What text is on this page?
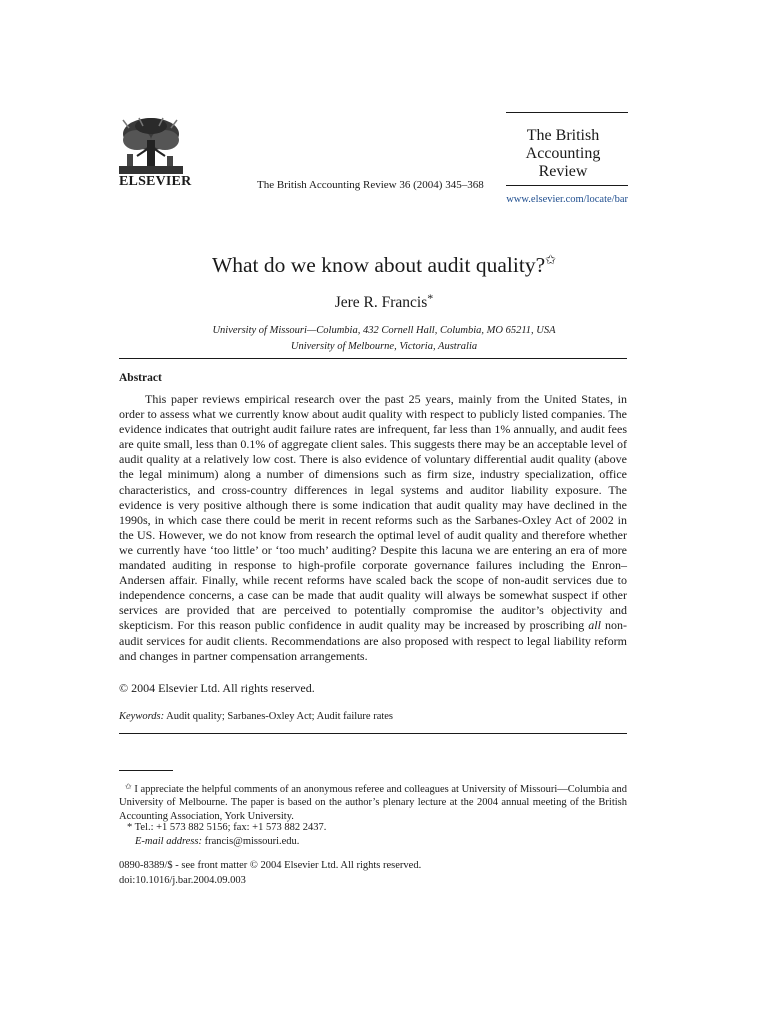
ELSEVIER	The British Accounting Review 36 (2004) 345–368
The British
Accounting
Review
www.elsevier.com/locate/bar
What do we know about audit quality?✩
Jere R. Francis*
University of Missouri—Columbia, 432 Cornell Hall, Columbia, MO 65211, USA
University of Melbourne, Victoria, Australia
Abstract

This paper reviews empirical research over the past 25 years, mainly from the United States, in order to assess what we currently know about audit quality with respect to publicly listed companies. The evidence indicates that outright audit failure rates are infrequent, far less than 1% annually, and audit fees are quite small, less than 0.1% of aggregate client sales. This suggests there may be an acceptable level of audit quality at a relatively low cost. There is also evidence of voluntary differential audit quality (above the legal minimum) along a number of dimensions such as firm size, industry specialization, office characteristics, and cross-country differences in legal systems and auditor liability exposure. The evidence is very positive although there is some indication that audit quality may have declined in the 1990s, in which case there could be merit in recent reforms such as the Sarbanes-Oxley Act of 2002 in the US. However, we do not know from research the optimal level of audit quality and therefore whether we currently have ‘too little’ or ‘too much’ auditing? Despite this lacuna we are entering an era of more mandated auditing in response to high-profile corporate governance failures including the Enron–Andersen affair. Finally, while recent reforms have scaled back the scope of non-audit services due to independence concerns, a case can be made that audit quality will always be somewhat suspect if other services are provided that are perceived to potentially compromise the auditor’s objectivity and skepticism. For this reason public confidence in audit quality may be increased by proscribing all non-audit services for audit clients. Recommendations are also proposed with respect to legal liability reform and changes in partner compensation arrangements.

© 2004 Elsevier Ltd. All rights reserved.
Keywords: Audit quality; Sarbanes-Oxley Act; Audit failure rates

✩ I appreciate the helpful comments of an anonymous referee and colleagues at University of Missouri—Columbia and University of Melbourne. The paper is based on the author’s plenary lecture at the 2004 annual meeting of the British Accounting Association, York University.

* Tel.: +1 573 882 5156; fax: +1 573 882 2437.

E-mail address: francis@missouri.edu.

0890-8389/$ - see front matter © 2004 Elsevier Ltd. All rights reserved.
doi:10.1016/j.bar.2004.09.003
